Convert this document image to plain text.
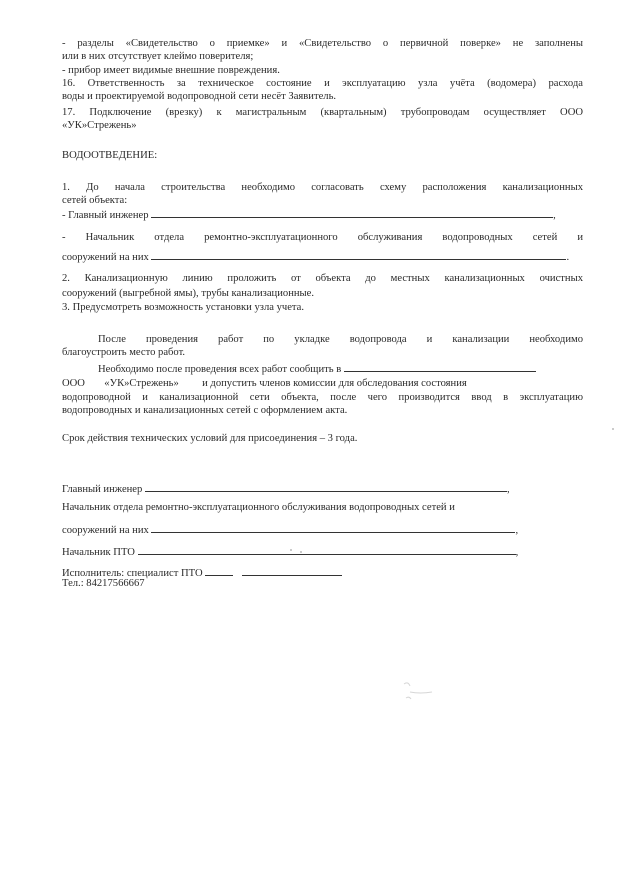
- разделы «Свидетельство о приемке» и «Свидетельство о первичной поверке» не заполнены
или в них отсутствует клеймо поверителя;
- прибор имеет видимые внешние повреждения.
16. Ответственность за техническое состояние и эксплуатацию узла учёта (водомера) расхода
воды и проектируемой водопроводной сети несёт Заявитель.
17. Подключение (врезку) к магистральным (квартальным) трубопроводам осуществляет ООО
«УК»Стрежень»
ВОДООТВЕДЕНИЕ:
1. До начала строительства необходимо согласовать схему расположения канализационных
сетей объекта:
- Главный инженер	,
- Начальник отдела ремонтно-эксплуатационного обслуживания водопроводных сетей и
сооружений на них	.
2. Канализационную линию проложить от объекта до местных канализационных очистных
сооружений (выгребной ямы), трубы канализационные.
3. Предусмотреть возможность установки узла учета.
После проведения работ по укладке водопровода и канализации необходимо
благоустроить место работ.
Необходимо после проведения всех работ сообщить в
ООО «УК»Стрежень» и допустить членов комиссии для обследования состояния
водопроводной и канализационной сети объекта, после чего производится ввод в эксплуатацию
водопроводных и канализационных сетей с оформлением акта.
Срок действия технических условий для присоединения – 3 года.
Главный инженер	,
Начальник отдела ремонтно-эксплуатационного обслуживания водопроводных сетей и
сооружений на них	,
Начальник ПТО	,
Исполнитель: специалист ПТО
Тел.: 84217566667
